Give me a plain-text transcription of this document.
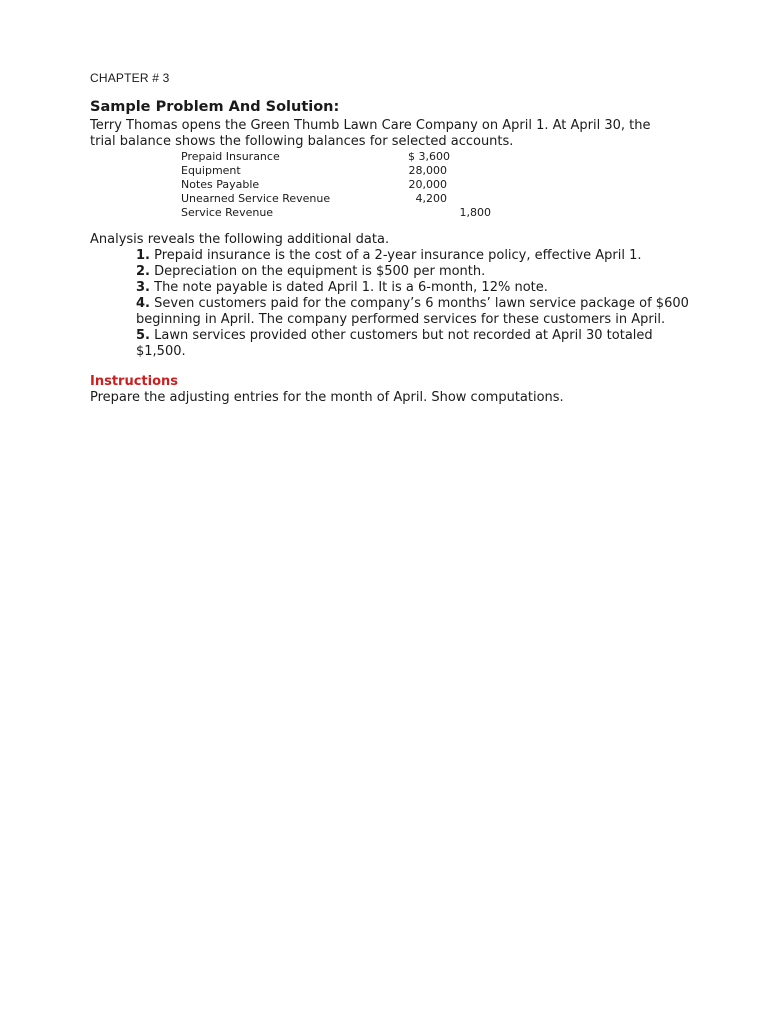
CHAPTER # 3
Sample Problem And Solution:
Terry Thomas opens the Green Thumb Lawn Care Company on April 1. At April 30, the
trial balance shows the following balances for selected accounts.
Prepaid Insurance	$ 3,600
Equipment	28,000
Notes Payable	20,000
Unearned Service Revenue	4,200
Service Revenue	1,800
Analysis reveals the following additional data.
1. Prepaid insurance is the cost of a 2-year insurance policy, effective April 1.
2. Depreciation on the equipment is $500 per month.
3. The note payable is dated April 1. It is a 6-month, 12% note.
4. Seven customers paid for the company’s 6 months’ lawn service package of $600 beginning in April. The company performed services for these customers in April.
5. Lawn services provided other customers but not recorded at April 30 totaled $1,500.
Instructions
Prepare the adjusting entries for the month of April. Show computations.
